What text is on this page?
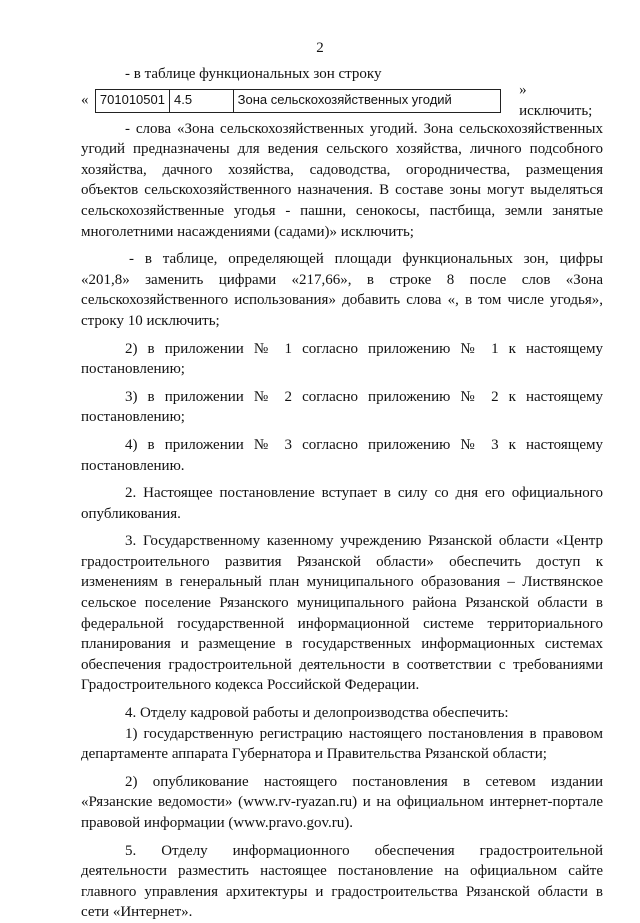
2

- в таблице функциональных зон строку

« 701010501	4.5	Зона сельскохозяйственных угодий
» исключить;

- слова «Зона сельскохозяйственных угодий. Зона сельскохозяйственных угодий предназначены для ведения сельского хозяйства, личного подсобного хозяйства, дачного хозяйства, садоводства, огородничества, размещения объектов сельскохозяйственного назначения. В составе зоны могут выделяться сельскохозяйственные угодья - пашни, сенокосы, пастбища, земли занятые многолетними насаждениями (садами)» исключить;

- в таблице, определяющей площади функциональных зон, цифры «201,8» заменить цифрами «217,66», в строке 8 после слов «Зона сельскохозяйственного использования» добавить слова «, в том числе угодья», строку 10 исключить;

2) в приложении № 1 согласно приложению № 1 к настоящему постановлению;

3) в приложении № 2 согласно приложению № 2 к настоящему постановлению;

4) в приложении № 3 согласно приложению № 3 к настоящему постановлению.

2. Настоящее постановление вступает в силу со дня его официального опубликования.

3. Государственному казенному учреждению Рязанской области «Центр градостроительного развития Рязанской области» обеспечить доступ к изменениям в генеральный план муниципального образования – Листвянское сельское поселение Рязанского муниципального района Рязанской области в федеральной государственной информационной системе территориального планирования и размещение в государственных информационных системах обеспечения градостроительной деятельности в соответствии с требованиями Градостроительного кодекса Российской Федерации.

4. Отделу кадровой работы и делопроизводства обеспечить:

1) государственную регистрацию настоящего постановления в правовом департаменте аппарата Губернатора и Правительства Рязанской области;

2) опубликование настоящего постановления в сетевом издании «Рязанские ведомости» (www.rv-ryazan.ru) и на официальном интернет-портале правовой информации (www.pravo.gov.ru).

5. Отделу информационного обеспечения градостроительной деятельности разместить настоящее постановление на официальном сайте главного управления архитектуры и градостроительства Рязанской области в сети «Интернет».
